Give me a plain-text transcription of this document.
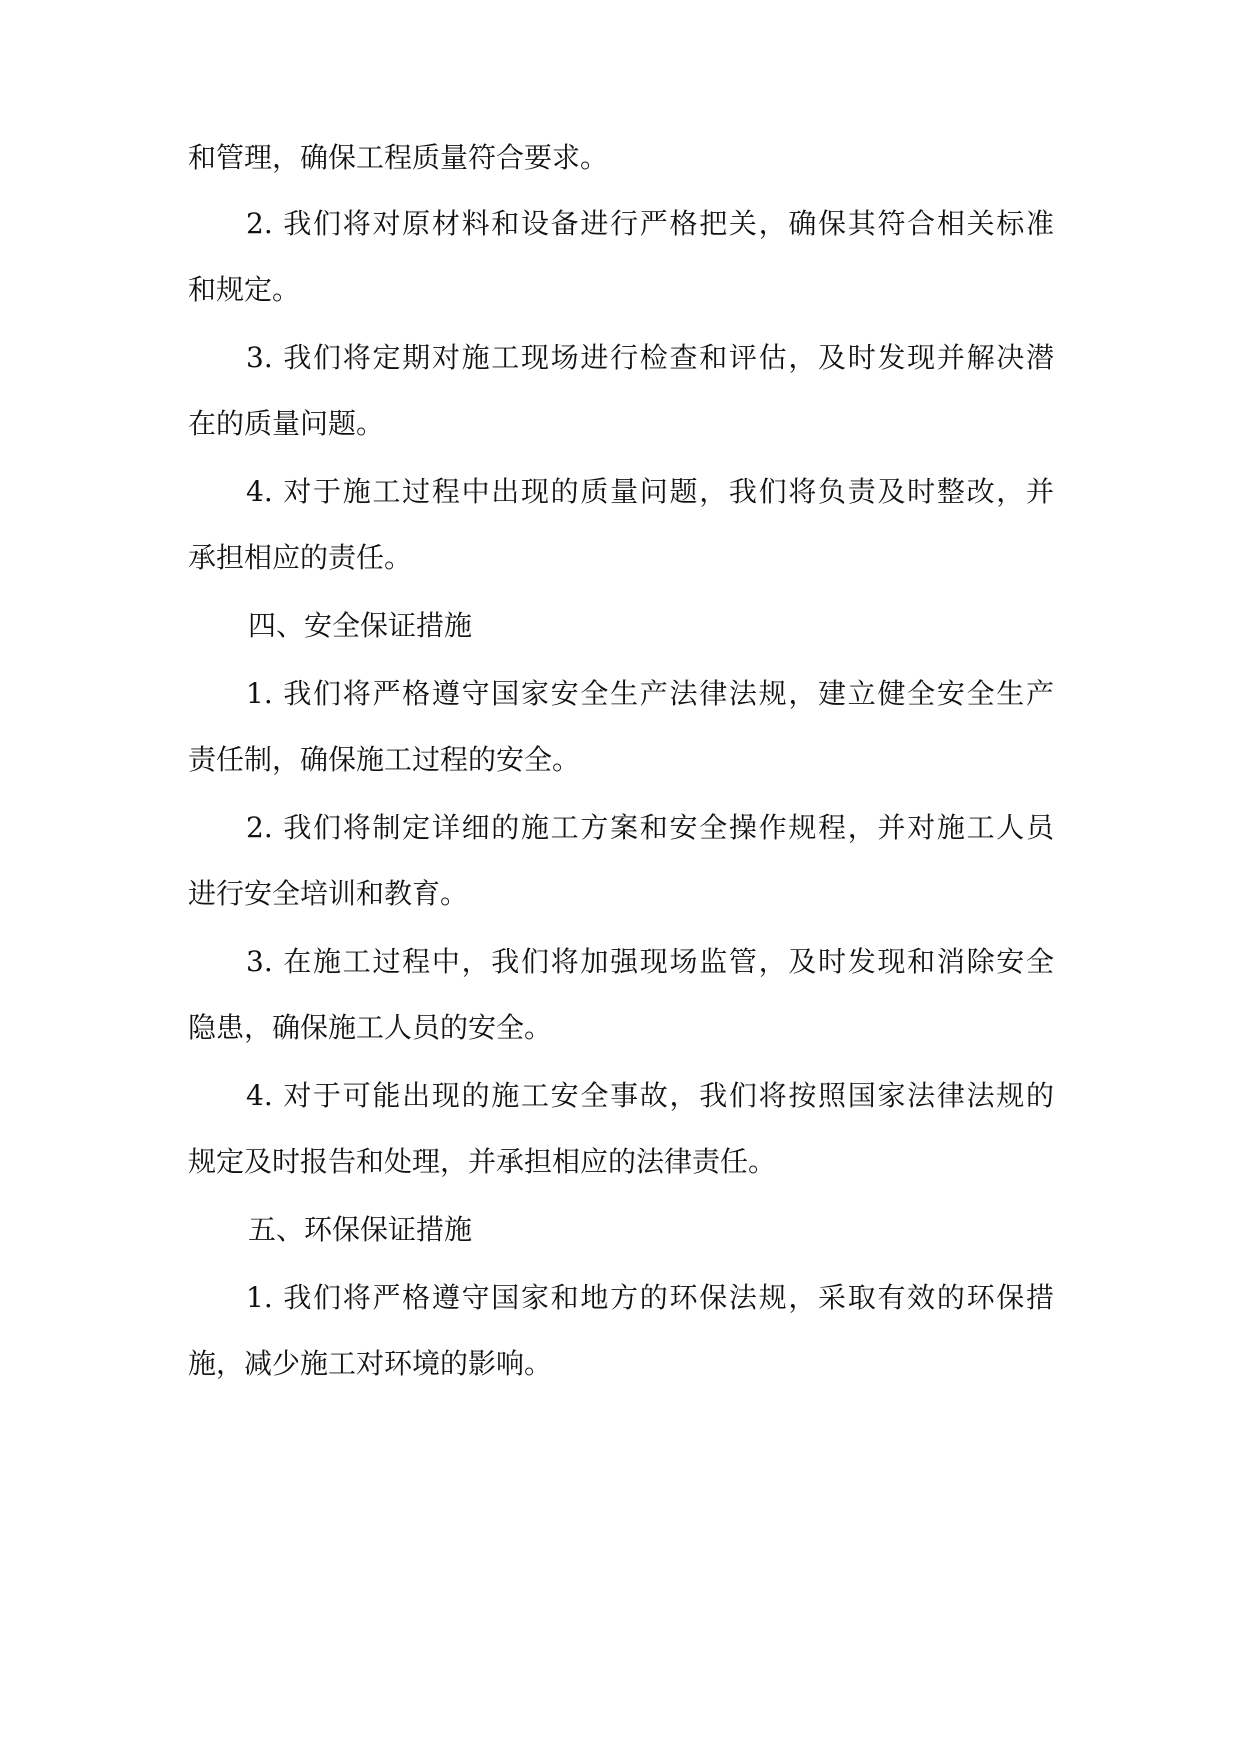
和管理，确保工程质量符合要求。
2. 我们将对原材料和设备进行严格把关，确保其符合相关标准
和规定。
3. 我们将定期对施工现场进行检查和评估，及时发现并解决潜
在的质量问题。
4. 对于施工过程中出现的质量问题，我们将负责及时整改，并
承担相应的责任。
四、安全保证措施
1. 我们将严格遵守国家安全生产法律法规，建立健全安全生产
责任制，确保施工过程的安全。
2. 我们将制定详细的施工方案和安全操作规程，并对施工人员
进行安全培训和教育。
3. 在施工过程中，我们将加强现场监管，及时发现和消除安全
隐患，确保施工人员的安全。
4. 对于可能出现的施工安全事故，我们将按照国家法律法规的
规定及时报告和处理，并承担相应的法律责任。
五、环保保证措施
1. 我们将严格遵守国家和地方的环保法规，采取有效的环保措
施，减少施工对环境的影响。
